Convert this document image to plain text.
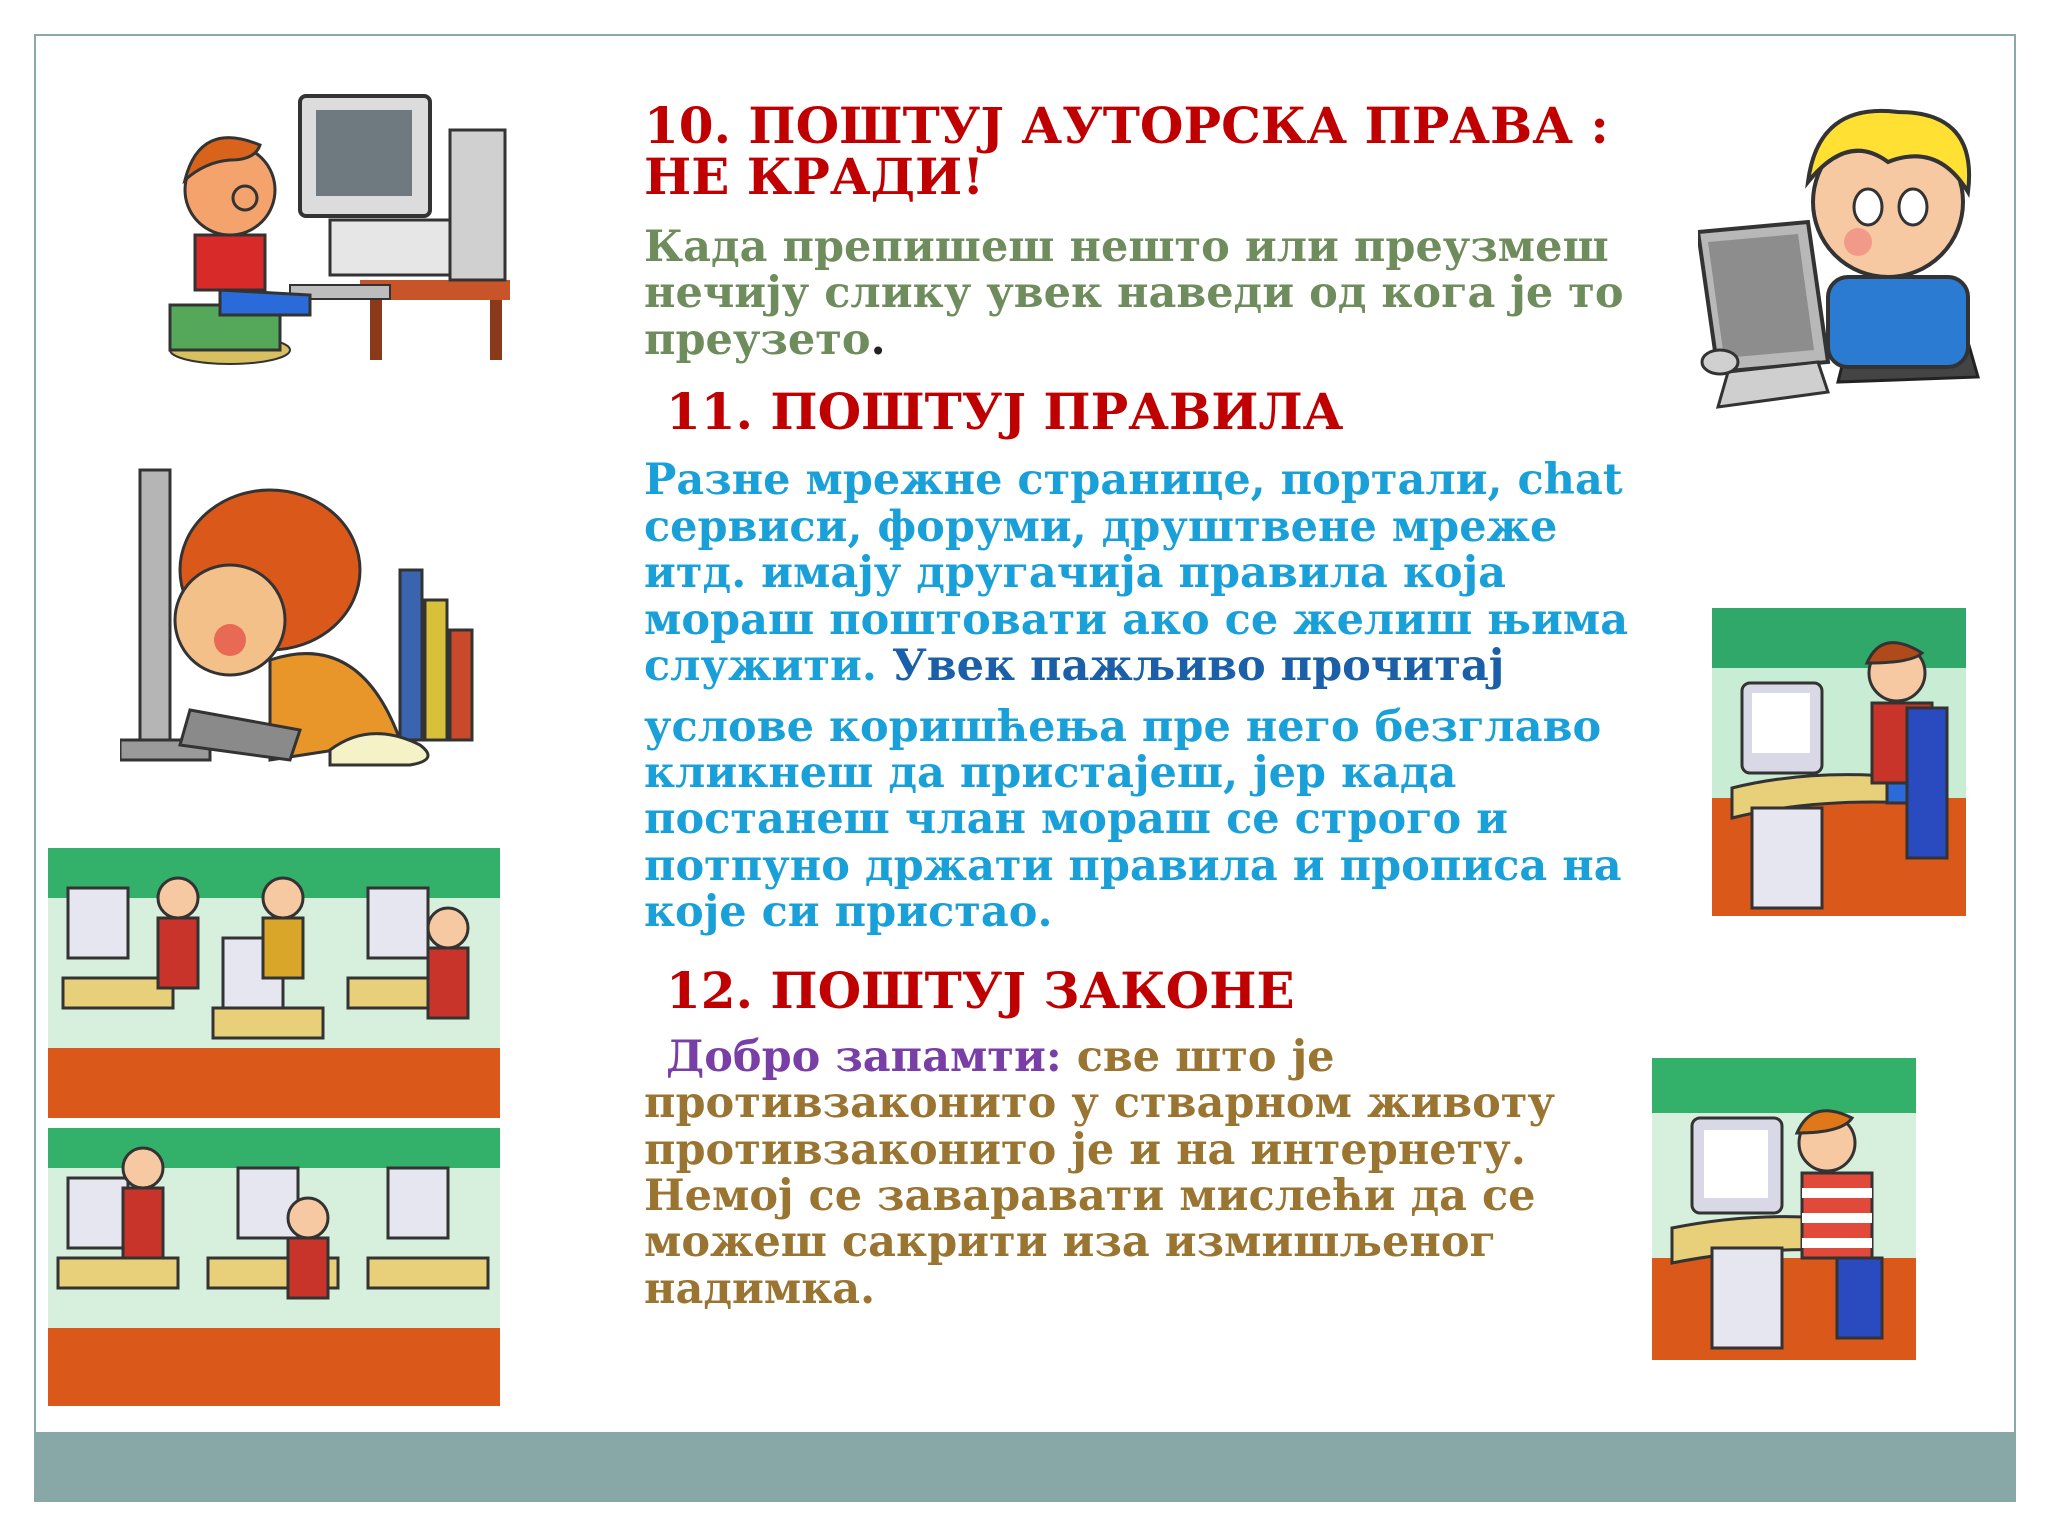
10. ПОШТУЈ АУТОРСКА ПРАВА : НЕ КРАДИ!

Када препишеш нешто или преузмеш нечију слику увек наведи од кога је то преузето.

11. ПОШТУЈ ПРАВИЛА

Разне мрежне странице, портали, chat сервиси, форуми, друштвене мреже итд. имају другачија правила која мораш поштовати ако се желиш њима служити. Увек пажљиво прочитај

услове коришћења пре него безглаво кликнеш да пристајеш, јер када постанеш члан мораш се строго и потпуно држати правила и прописа на које си пристао.

12. ПОШТУЈ ЗАКОНЕ

Добро запамти: све што је противзаконито у стварном животу противзаконито је и на интернету. Немој се заваравати мислећи да се можеш сакрити иза измишљеног надимка.
